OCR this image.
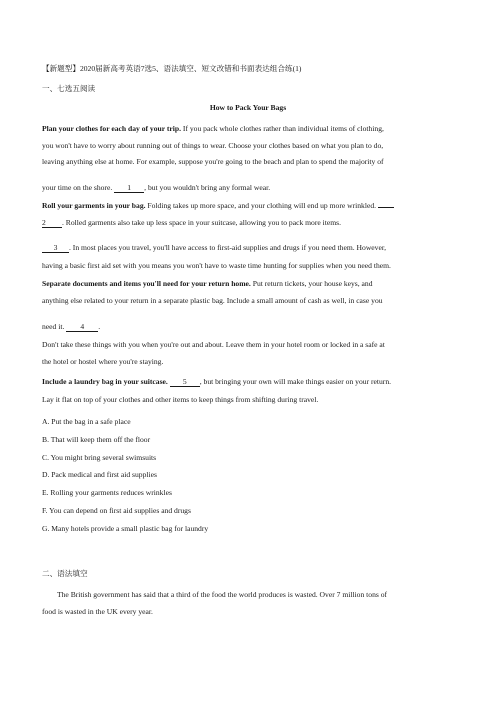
【新题型】2020届新高考英语7选5、语法填空、短文改错和书面表达组合练(1)
一、七选五阅读
How to Pack Your Bags
Plan your clothes for each day of your trip. If you pack whole clothes rather than individual items of clothing,
you won't have to worry about running out of things to wear. Choose your clothes based on what you plan to do,
leaving anything else at home. For example, suppose you're going to the beach and plan to spend the majority of
your time on the shore. 1 , but you wouldn't bring any formal wear.
Roll your garments in your bag. Folding takes up more space, and your clothing will end up more wrinkled.
2 . Rolled garments also take up less space in your suitcase, allowing you to pack more items.
3 . In most places you travel, you'll have access to first-aid supplies and drugs if you need them. However,
having a basic first aid set with you means you won't have to waste time hunting for supplies when you need them.
Separate documents and items you'll need for your return home. Put return tickets, your house keys, and
anything else related to your return in a separate plastic bag. Include a small amount of cash as well, in case you
need it. 4 .
Don't take these things with you when you're out and about. Leave them in your hotel room or locked in a safe at
the hotel or hostel where you're staying.
Include a laundry bag in your suitcase. 5 , but bringing your own will make things easier on your return.
Lay it flat on top of your clothes and other items to keep things from shifting during travel.
A. Put the bag in a safe place
B. That will keep them off the floor
C. You might bring several swimsuits
D. Pack medical and first aid supplies
E. Rolling your garments reduces wrinkles
F. You can depend on first aid supplies and drugs
G. Many hotels provide a small plastic bag for laundry
二、语法填空
The British government has said that a third of the food the world produces is wasted. Over 7 million tons of
food is wasted in the UK every year.
